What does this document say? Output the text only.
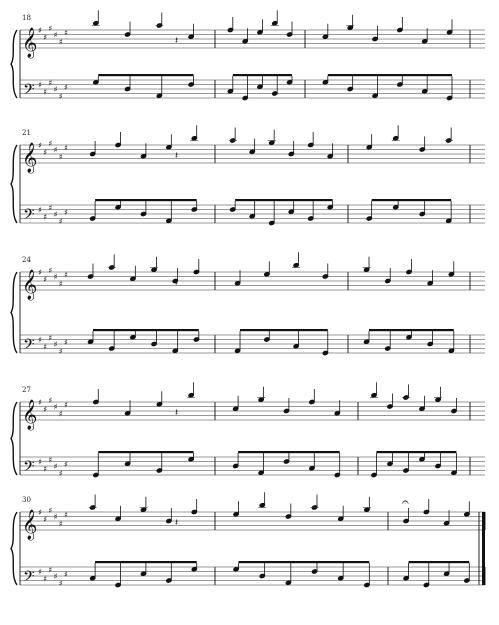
18
𝄽
𝄞
𝄢
♯
♯
♯
♯
♯
♯
♯
♯
♯
♯
♯
♯
21
𝄽
𝄞
𝄢
♯
♯
♯
♯
♯
♯
♯
♯
♯
♯
♯
♯
24
𝄽
𝄞
𝄢
♯
♯
♯
♯
♯
♯
♯
♯
♯
♯
♯
♯
27
𝄽
𝄞
𝄢
♯
♯
♯
♯
♯
♯
♯
♯
♯
♯
♯
♯
30
𝄽
𝄞
𝄢
♯
♯
♯
♯
♯
♯
♯
♯
♯
♯
♯
♯
𝄐
